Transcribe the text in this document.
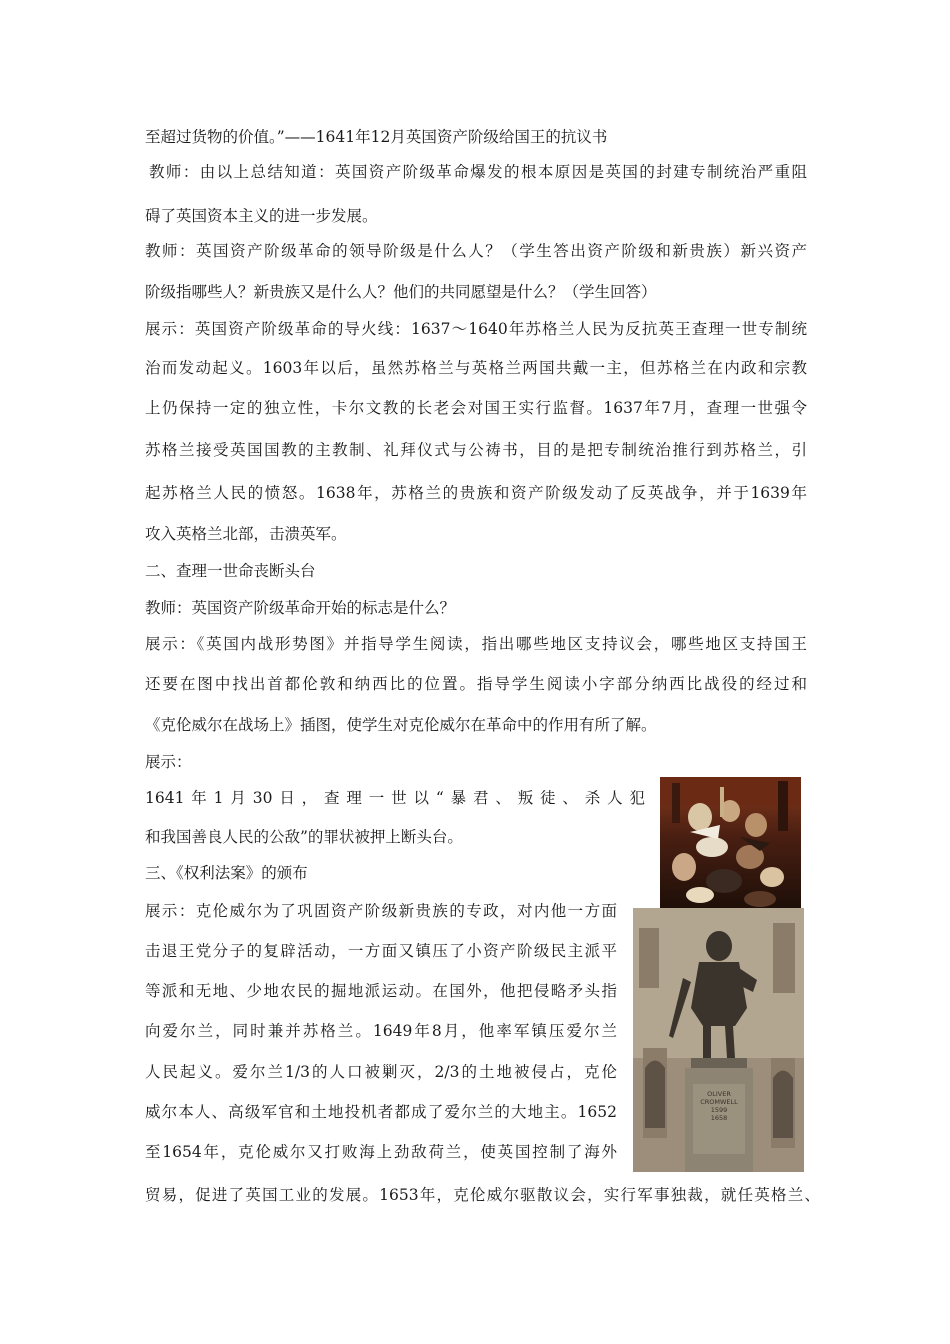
至超过货物的价值。”——1641年12月英国资产阶级给国王的抗议书
教师：由以上总结知道：英国资产阶级革命爆发的根本原因是英国的封建专制统治严重阻
碍了英国资本主义的进一步发展。
教师：英国资产阶级革命的领导阶级是什么人？（学生答出资产阶级和新贵族）新兴资产
阶级指哪些人？新贵族又是什么人？他们的共同愿望是什么？（学生回答）
展示：英国资产阶级革命的导火线：1637～1640年苏格兰人民为反抗英王查理一世专制统
治而发动起义。1603年以后，虽然苏格兰与英格兰两国共戴一主，但苏格兰在内政和宗教
上仍保持一定的独立性，卡尔文教的长老会对国王实行监督。1637年7月，查理一世强令
苏格兰接受英国国教的主教制、礼拜仪式与公祷书，目的是把专制统治推行到苏格兰，引
起苏格兰人民的愤怒。1638年，苏格兰的贵族和资产阶级发动了反英战争，并于1639年
攻入英格兰北部，击溃英军。
二、查理一世命丧断头台
教师：英国资产阶级革命开始的标志是什么？
展示：《英国内战形势图》并指导学生阅读，指出哪些地区支持议会，哪些地区支持国王
还要在图中找出首都伦敦和纳西比的位置。指导学生阅读小字部分纳西比战役的经过和
《克伦威尔在战场上》插图，使学生对克伦威尔在革命中的作用有所了解。
展示：
1641年1月30日，查理一世以“暴君、叛徒、杀人犯
和我国善良人民的公敌”的罪状被押上断头台。
三、《权利法案》的颁布
展示：克伦威尔为了巩固资产阶级新贵族的专政，对内他一方面
击退王党分子的复辟活动，一方面又镇压了小资产阶级民主派平
等派和无地、少地农民的掘地派运动。在国外，他把侵略矛头指
向爱尔兰，同时兼并苏格兰。1649年8月，他率军镇压爱尔兰
人民起义。爱尔兰1/3的人口被剿灭，2/3的土地被侵占，克伦
威尔本人、高级军官和土地投机者都成了爱尔兰的大地主。1652
至1654年，克伦威尔又打败海上劲敌荷兰，使英国控制了海外
贸易，促进了英国工业的发展。1653年，克伦威尔驱散议会，实行军事独裁，就任英格兰、
OLIVER
CROMWELL
1599
1658
